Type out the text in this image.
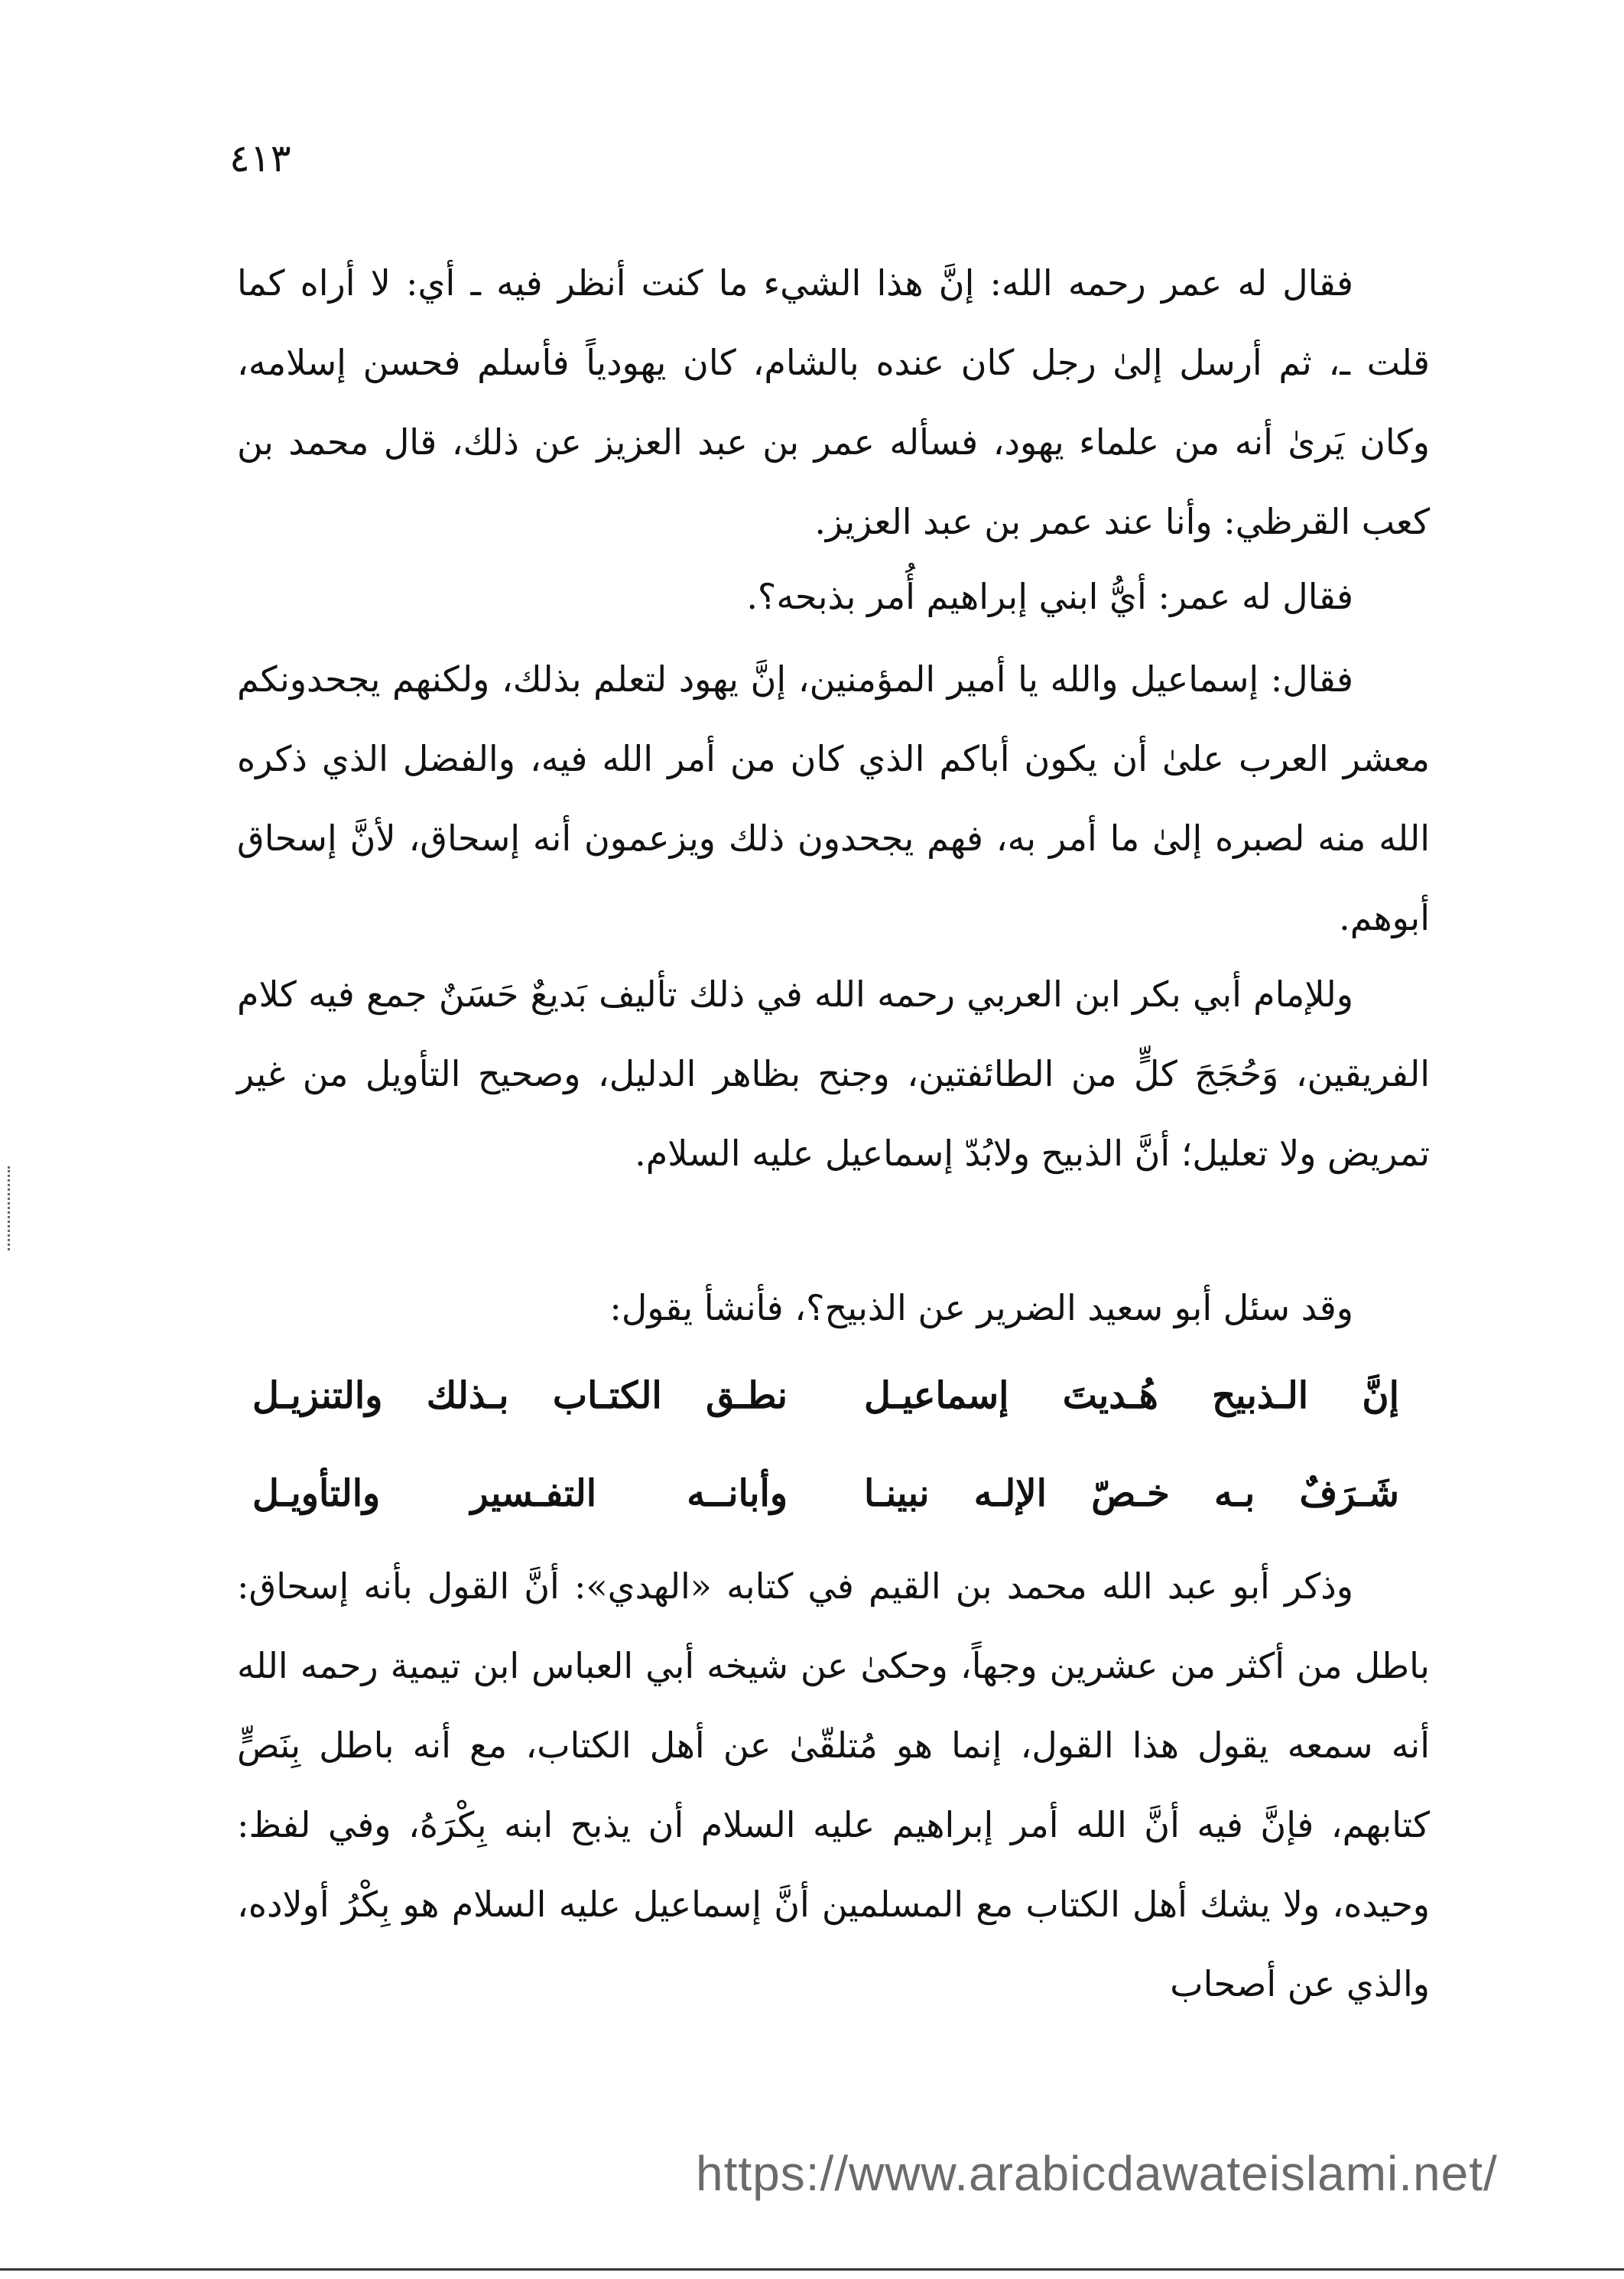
٤١٣

فقال له عمر رحمه الله: إنَّ هذا الشيء ما كنت أنظر فيه ـ أي: لا أراه كما قلت ـ، ثم أرسل إلىٰ رجل كان عنده بالشام، كان يهودياً فأسلم فحسن إسلامه، وكان يَرىٰ أنه من علماء يهود، فسأله عمر بن عبد العزيز عن ذلك، قال محمد بن كعب القرظي: وأنا عند عمر بن عبد العزيز.

فقال له عمر: أيُّ ابني إبراهيم أُمر بذبحه؟.

فقال: إسماعيل والله يا أمير المؤمنين، إنَّ يهود لتعلم بذلك، ولكنهم يجحدونكم معشر العرب علىٰ أن يكون أباكم الذي كان من أمر الله فيه، والفضل الذي ذكره الله منه لصبره إلىٰ ما أمر به، فهم يجحدون ذلك ويزعمون أنه إسحاق، لأنَّ إسحاق أبوهم.

وللإمام أبي بكر ابن العربي رحمه الله في ذلك تأليف بَديعٌ حَسَنٌ جمع فيه كلام الفريقين، وَحُجَجَ كلٍّ من الطائفتين، وجنح بظاهر الدليل، وصحيح التأويل من غير تمريض ولا تعليل؛ أنَّ الذبيح ولابُدّ إسماعيل عليه السلام.

وقد سئل أبو سعيد الضرير عن الذبيح؟، فأنشأ يقول:

إنَّ الـذبيح هُـديتَ إسماعيـل
نطـق الكتـاب بـذلك والتنزيـل
شَـرَفٌ بـه خـصّ الإلـه نبينـا
وأبانــه التفـسير والتأويـل

وذكر أبو عبد الله محمد بن القيم في كتابه «الهدي»: أنَّ القول بأنه إسحاق: باطل من أكثر من عشرين وجهاً، وحكىٰ عن شيخه أبي العباس ابن تيمية رحمه الله أنه سمعه يقول هذا القول، إنما هو مُتلقّىٰ عن أهل الكتاب، مع أنه باطل بِنَصٍّ كتابهم، فإنَّ فيه أنَّ الله أمر إبراهيم عليه السلام أن يذبح ابنه بِكْرَهُ، وفي لفظ: وحيده، ولا يشك أهل الكتاب مع المسلمين أنَّ إسماعيل عليه السلام هو بِكْرُ أولاده، والذي عن أصحاب

https://www.arabicdawateislami.net/
